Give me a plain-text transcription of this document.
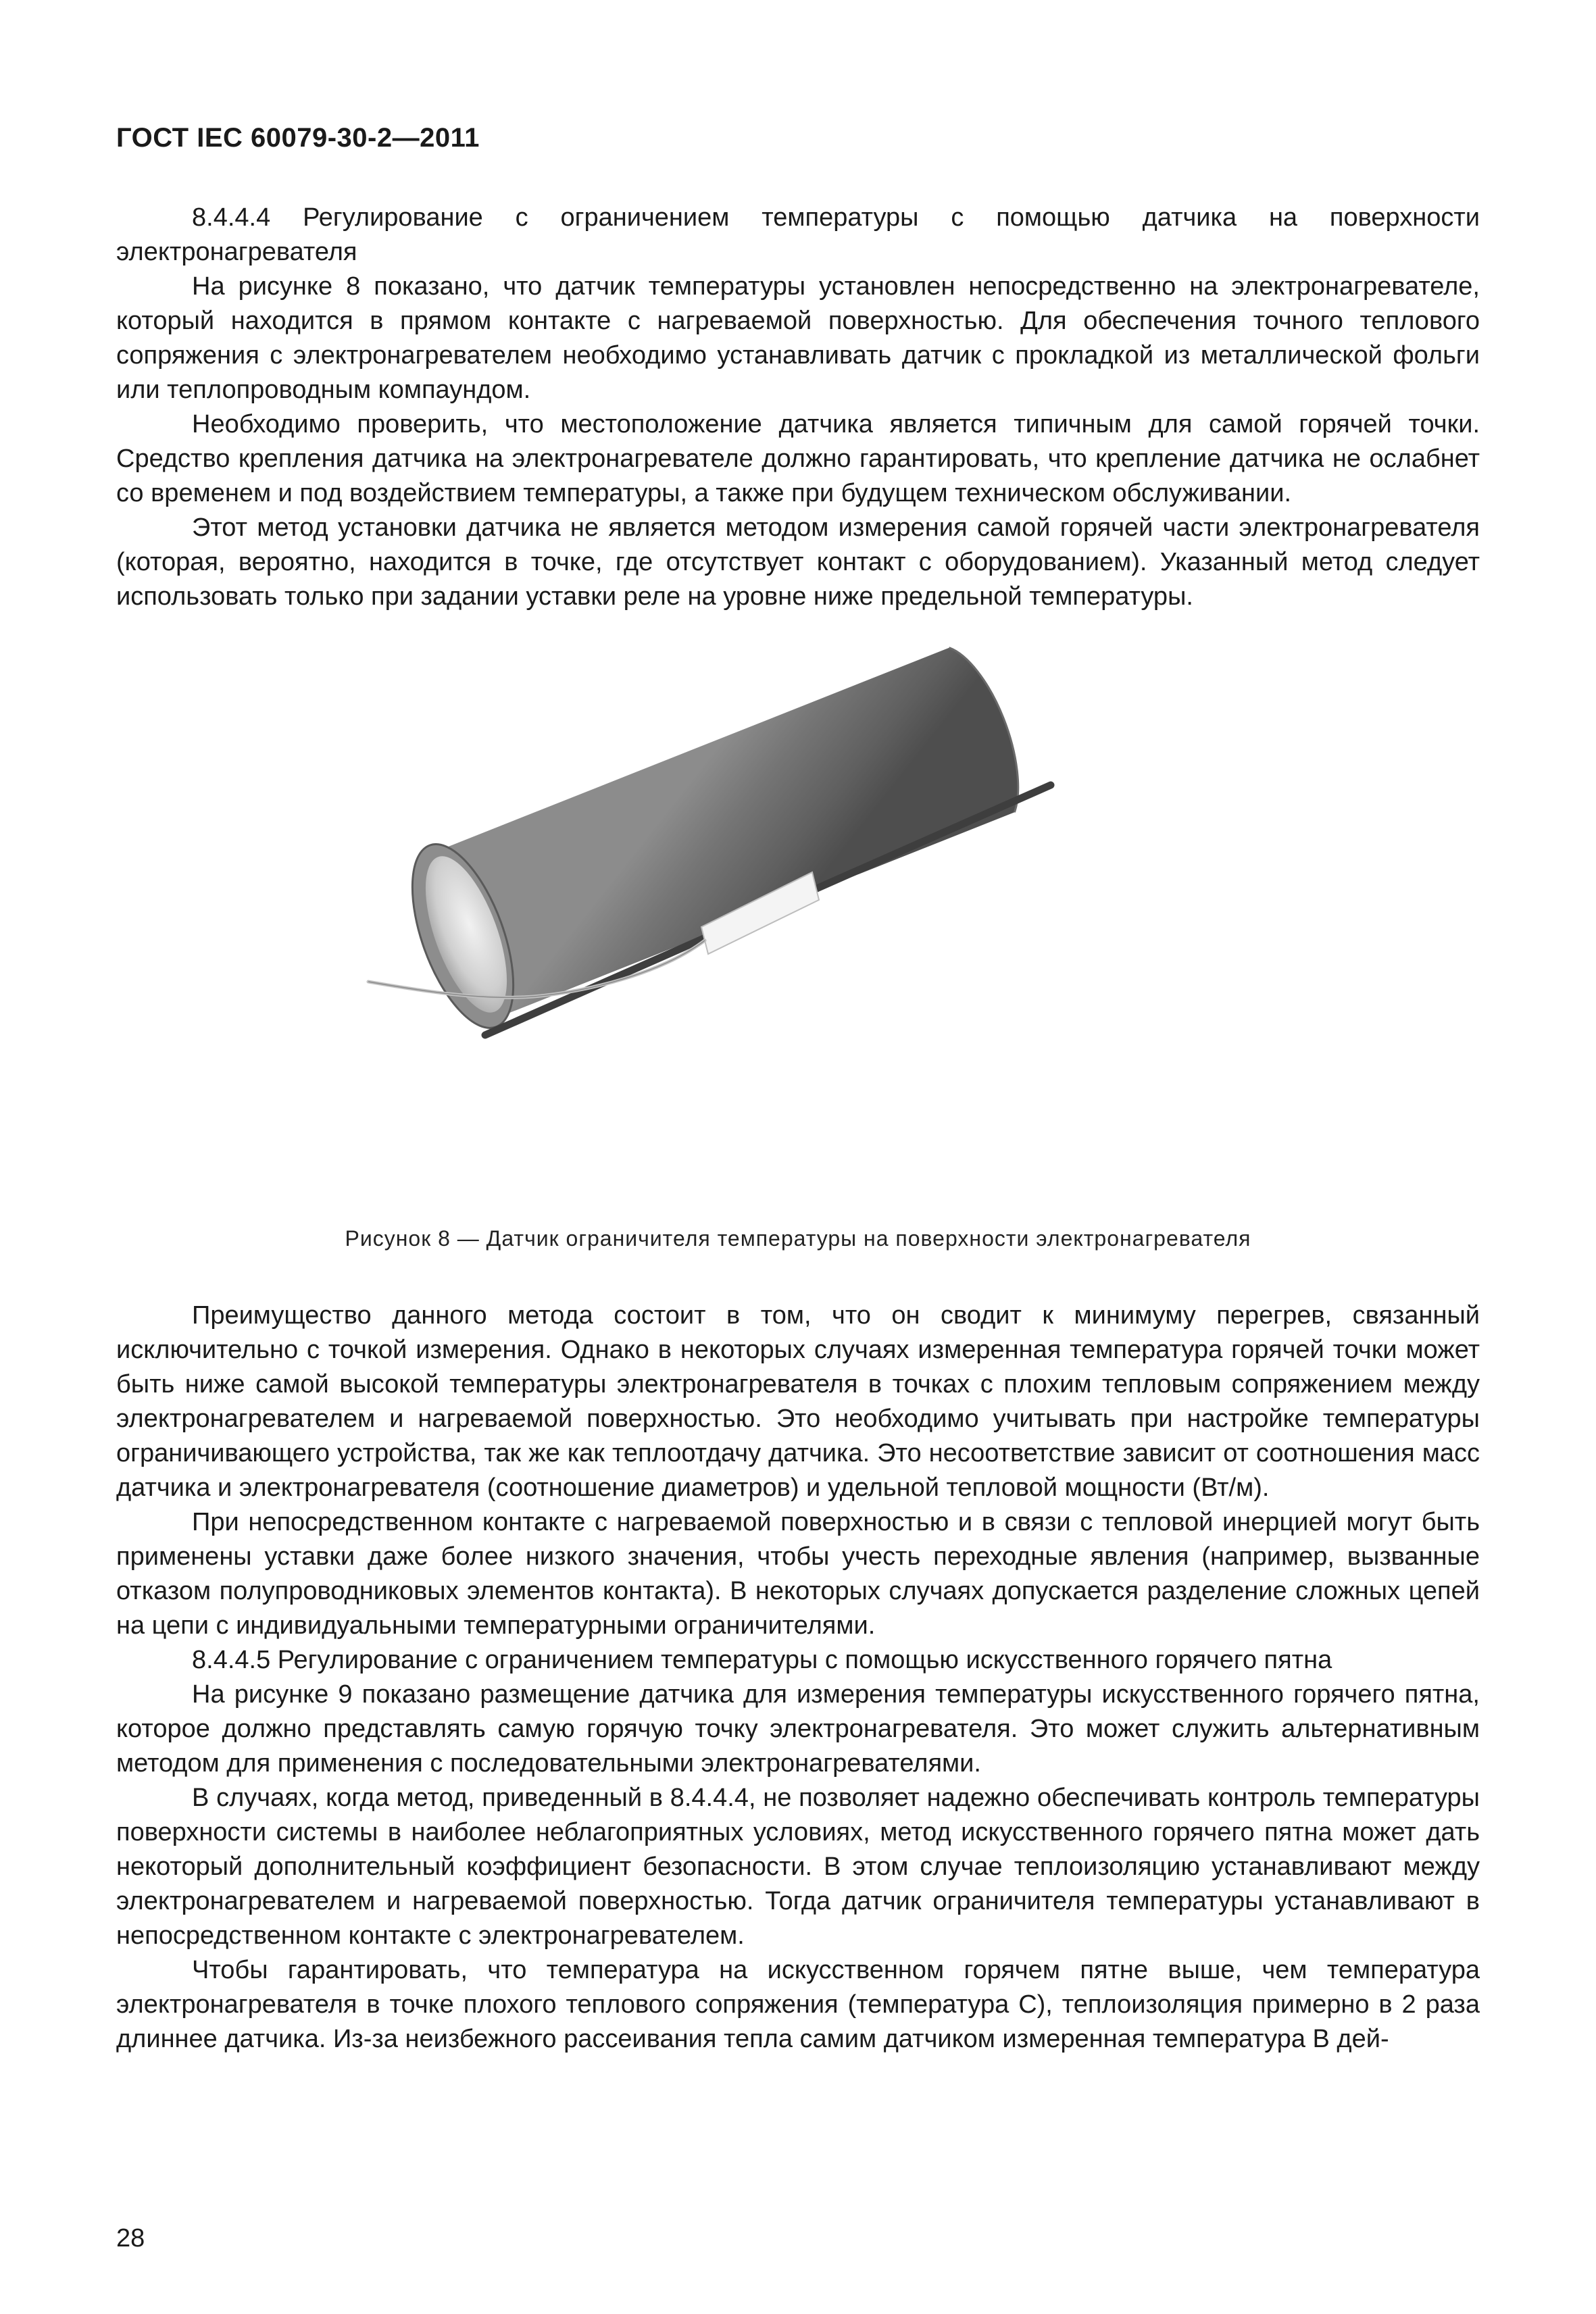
ГОСТ IEC 60079-30-2—2011

8.4.4.4 Регулирование с ограничением температуры с помощью датчика на поверхности электронагревателя

На рисунке 8 показано, что датчик температуры установлен непосредственно на электронагревателе, который находится в прямом контакте с нагреваемой поверхностью. Для обеспечения точного теплового сопряжения с электронагревателем необходимо устанавливать датчик с прокладкой из металлической фольги или теплопроводным компаундом.

Необходимо проверить, что местоположение датчика является типичным для самой горячей точки. Средство крепления датчика на электронагревателе должно гарантировать, что крепление датчика не ослабнет со временем и под воздействием температуры, а также при будущем техническом обслуживании.

Этот метод установки датчика не является методом измерения самой горячей части электронагревателя (которая, вероятно, находится в точке, где отсутствует контакт с оборудованием). Указанный метод следует использовать только при задании уставки реле на уровне ниже предельной температуры.

Рисунок 8 — Датчик ограничителя температуры на поверхности электронагревателя

Преимущество данного метода состоит в том, что он сводит к минимуму перегрев, связанный исключительно с точкой измерения. Однако в некоторых случаях измеренная температура горячей точки может быть ниже самой высокой температуры электронагревателя в точках с плохим тепловым сопряжением между электронагревателем и нагреваемой поверхностью. Это необходимо учитывать при настройке температуры ограничивающего устройства, так же как теплоотдачу датчика. Это несоответствие зависит от соотношения масс датчика и электронагревателя (соотношение диаметров) и удельной тепловой мощности (Вт/м).

При непосредственном контакте с нагреваемой поверхностью и в связи с тепловой инерцией могут быть применены уставки даже более низкого значения, чтобы учесть переходные явления (например, вызванные отказом полупроводниковых элементов контакта). В некоторых случаях допускается разделение сложных цепей на цепи с индивидуальными температурными ограничителями.

8.4.4.5 Регулирование с ограничением температуры с помощью искусственного горячего пятна

На рисунке 9 показано размещение датчика для измерения температуры искусственного горячего пятна, которое должно представлять самую горячую точку электронагревателя. Это может служить альтернативным методом для применения с последовательными электронагревателями.

В случаях, когда метод, приведенный в 8.4.4.4, не позволяет надежно обеспечивать контроль температуры поверхности системы в наиболее неблагоприятных условиях, метод искусственного горячего пятна может дать некоторый дополнительный коэффициент безопасности. В этом случае теплоизоляцию устанавливают между электронагревателем и нагреваемой поверхностью. Тогда датчик ограничителя температуры устанавливают в непосредственном контакте с электронагревателем.

Чтобы гарантировать, что температура на искусственном горячем пятне выше, чем температура электронагревателя в точке плохого теплового сопряжения (температура С), теплоизоляция примерно в 2 раза длиннее датчика. Из-за неизбежного рассеивания тепла самим датчиком измеренная температура В дей-

28
